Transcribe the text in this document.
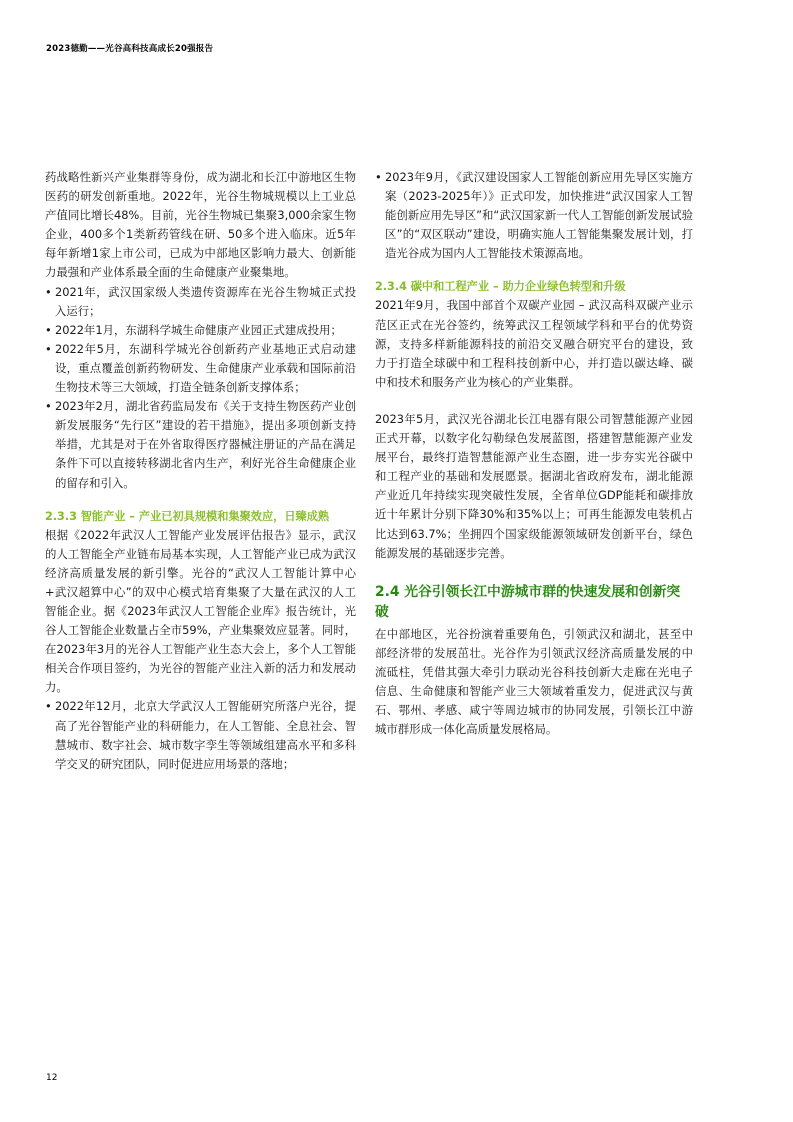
2023德勤——光谷高科技高成长20强报告

药战略性新兴产业集群等身份，成为湖北和长江中游地区生物医药的研发创新重地。2022年，光谷生物城规模以上工业总产值同比增长48%。目前，光谷生物城已集聚3,000余家生物企业，400多个1类新药管线在研、50多个进入临床。近5年每年新增1家上市公司，已成为中部地区影响力最大、创新能力最强和产业体系最全面的生命健康产业聚集地。

• 2021年，武汉国家级人类遗传资源库在光谷生物城正式投入运行；
• 2022年1月，东湖科学城生命健康产业园正式建成投用；
• 2022年5月，东湖科学城光谷创新药产业基地正式启动建设，重点覆盖创新药物研发、生命健康产业承载和国际前沿生物技术等三大领域，打造全链条创新支撑体系；
• 2023年2月，湖北省药监局发布《关于支持生物医药产业创新发展服务“先行区”建设的若干措施》，提出多项创新支持举措，尤其是对于在外省取得医疗器械注册证的产品在满足条件下可以直接转移湖北省内生产，利好光谷生命健康企业的留存和引入。
2.3.3 智能产业 – 产业已初具规模和集聚效应，日臻成熟

根据《2022年武汉人工智能产业发展评估报告》显示，武汉的人工智能全产业链布局基本实现，人工智能产业已成为武汉经济高质量发展的新引擎。光谷的“武汉人工智能计算中心+武汉超算中心”的双中心模式培育集聚了大量在武汉的人工智能企业。据《2023年武汉人工智能企业库》报告统计，光谷人工智能企业数量占全市59%，产业集聚效应显著。同时，在2023年3月的光谷人工智能产业生态大会上，多个人工智能相关合作项目签约，为光谷的智能产业注入新的活力和发展动力。

• 2022年12月，北京大学武汉人工智能研究所落户光谷，提高了光谷智能产业的科研能力，在人工智能、全息社会、智慧城市、数字社会、城市数字孪生等领域组建高水平和多科学交叉的研究团队，同时促进应用场景的落地；
• 2023年9月，《武汉建设国家人工智能创新应用先导区实施方案（2023-2025年）》正式印发，加快推进“武汉国家人工智能创新应用先导区”和“武汉国家新一代人工智能创新发展试验区”的“双区联动”建设，明确实施人工智能集聚发展计划，打造光谷成为国内人工智能技术策源高地。
2.3.4 碳中和工程产业 – 助力企业绿色转型和升级

2021年9月，我国中部首个双碳产业园 – 武汉高科双碳产业示范区正式在光谷签约，统筹武汉工程领域学科和平台的优势资源，支持多样新能源科技的前沿交叉融合研究平台的建设，致力于打造全球碳中和工程科技创新中心，并打造以碳达峰、碳中和技术和服务产业为核心的产业集群。

2023年5月，武汉光谷湖北长江电器有限公司智慧能源产业园正式开幕，以数字化勾勒绿色发展蓝图，搭建智慧能源产业发展平台，最终打造智慧能源产业生态圈，进一步夯实光谷碳中和工程产业的基础和发展愿景。据湖北省政府发布，湖北能源产业近几年持续实现突破性发展，全省单位GDP能耗和碳排放近十年累计分别下降30%和35%以上；可再生能源发电装机占比达到63.7%；坐拥四个国家级能源领域研发创新平台，绿色能源发展的基础逐步完善。

2.4 光谷引领长江中游城市群的快速发展和创新突破

在中部地区，光谷扮演着重要角色，引领武汉和湖北，甚至中部经济带的发展茁壮。光谷作为引领武汉经济高质量发展的中流砥柱，凭借其强大牵引力联动光谷科技创新大走廊在光电子信息、生命健康和智能产业三大领域着重发力，促进武汉与黄石、鄂州、孝感、咸宁等周边城市的协同发展，引领长江中游城市群形成一体化高质量发展格局。

12
